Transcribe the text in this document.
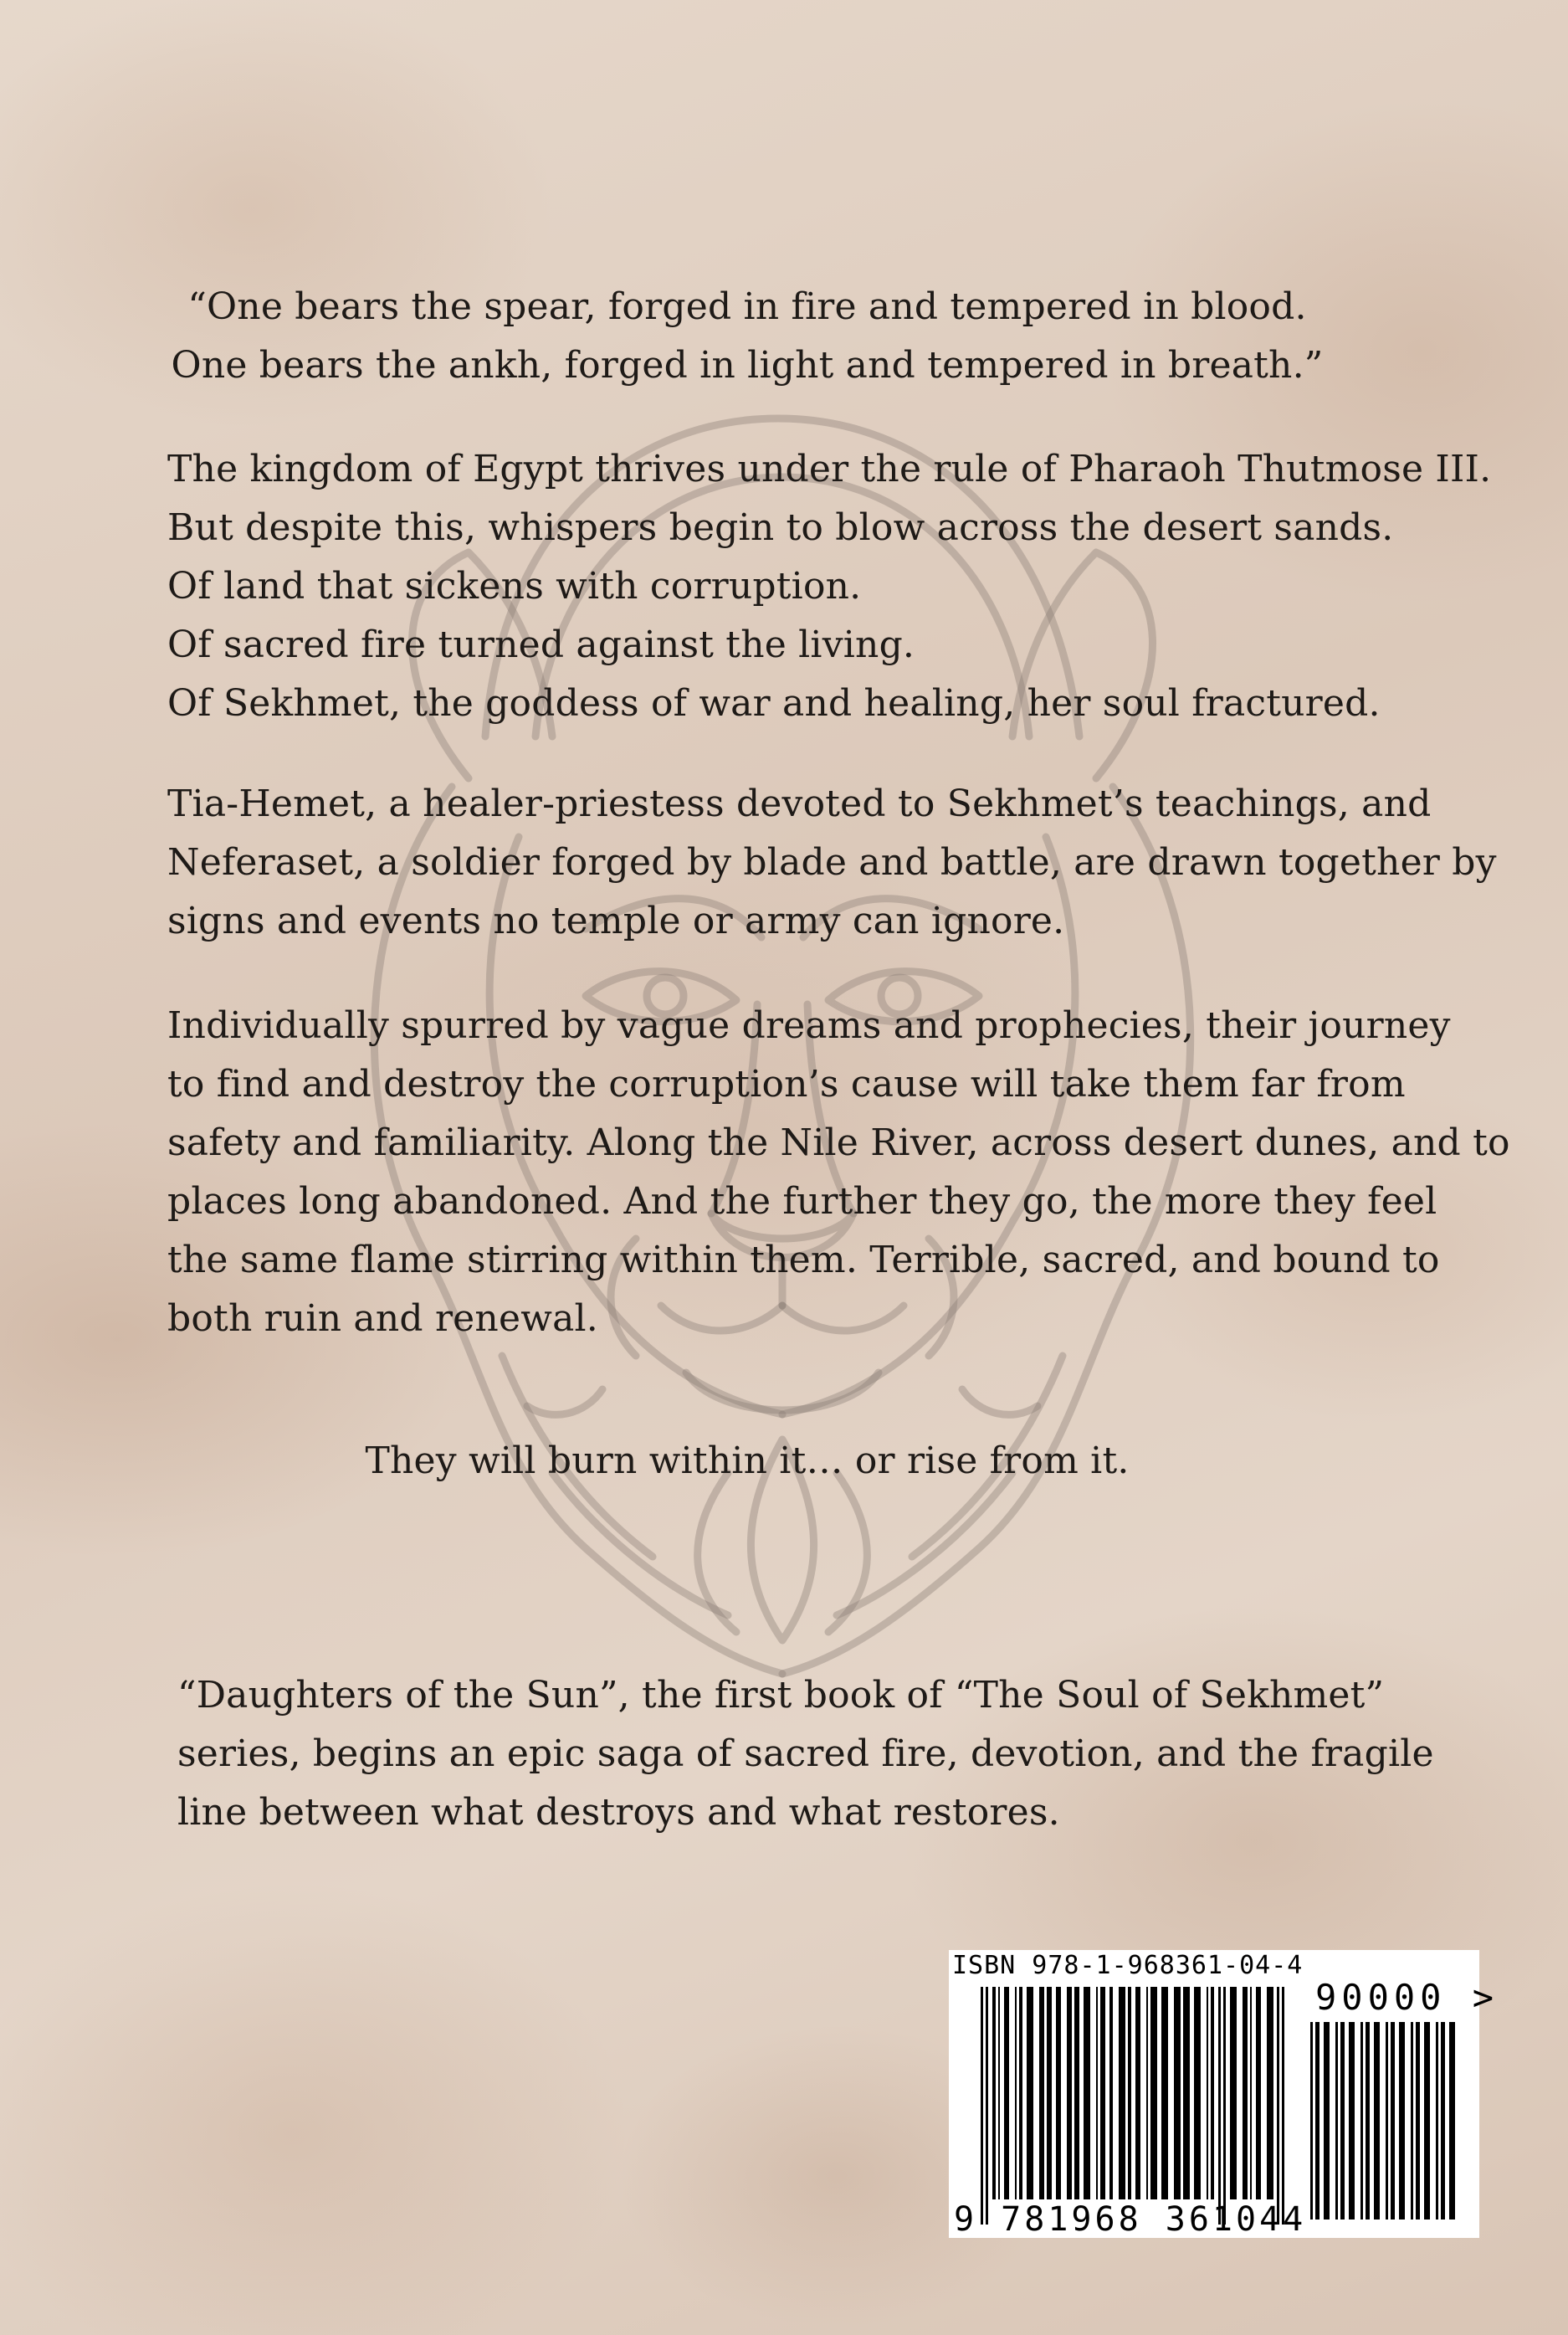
“One bears the spear, forged in fire and tempered in blood.
One bears the ankh, forged in light and tempered in breath.”
The kingdom of Egypt thrives under the rule of Pharaoh Thutmose III.
But despite this, whispers begin to blow across the desert sands.
Of land that sickens with corruption.
Of sacred fire turned against the living.
Of Sekhmet, the goddess of war and healing, her soul fractured.
Tia-Hemet, a healer-priestess devoted to Sekhmet’s teachings, and
Neferaset, a soldier forged by blade and battle, are drawn together by
signs and events no temple or army can ignore.
Individually spurred by vague dreams and prophecies, their journey
to find and destroy the corruption’s cause will take them far from
safety and familiarity. Along the Nile River, across desert dunes, and to
places long abandoned. And the further they go, the more they feel
the same flame stirring within them. Terrible, sacred, and bound to
both ruin and renewal.
They will burn within it… or rise from it.
“Daughters of the Sun”, the first book of “The Soul of Sekhmet”
series, begins an epic saga of sacred fire, devotion, and the fragile
line between what destroys and what restores.
ISBN 978-1-968361-04-4
90000 >
9 781968 361044
